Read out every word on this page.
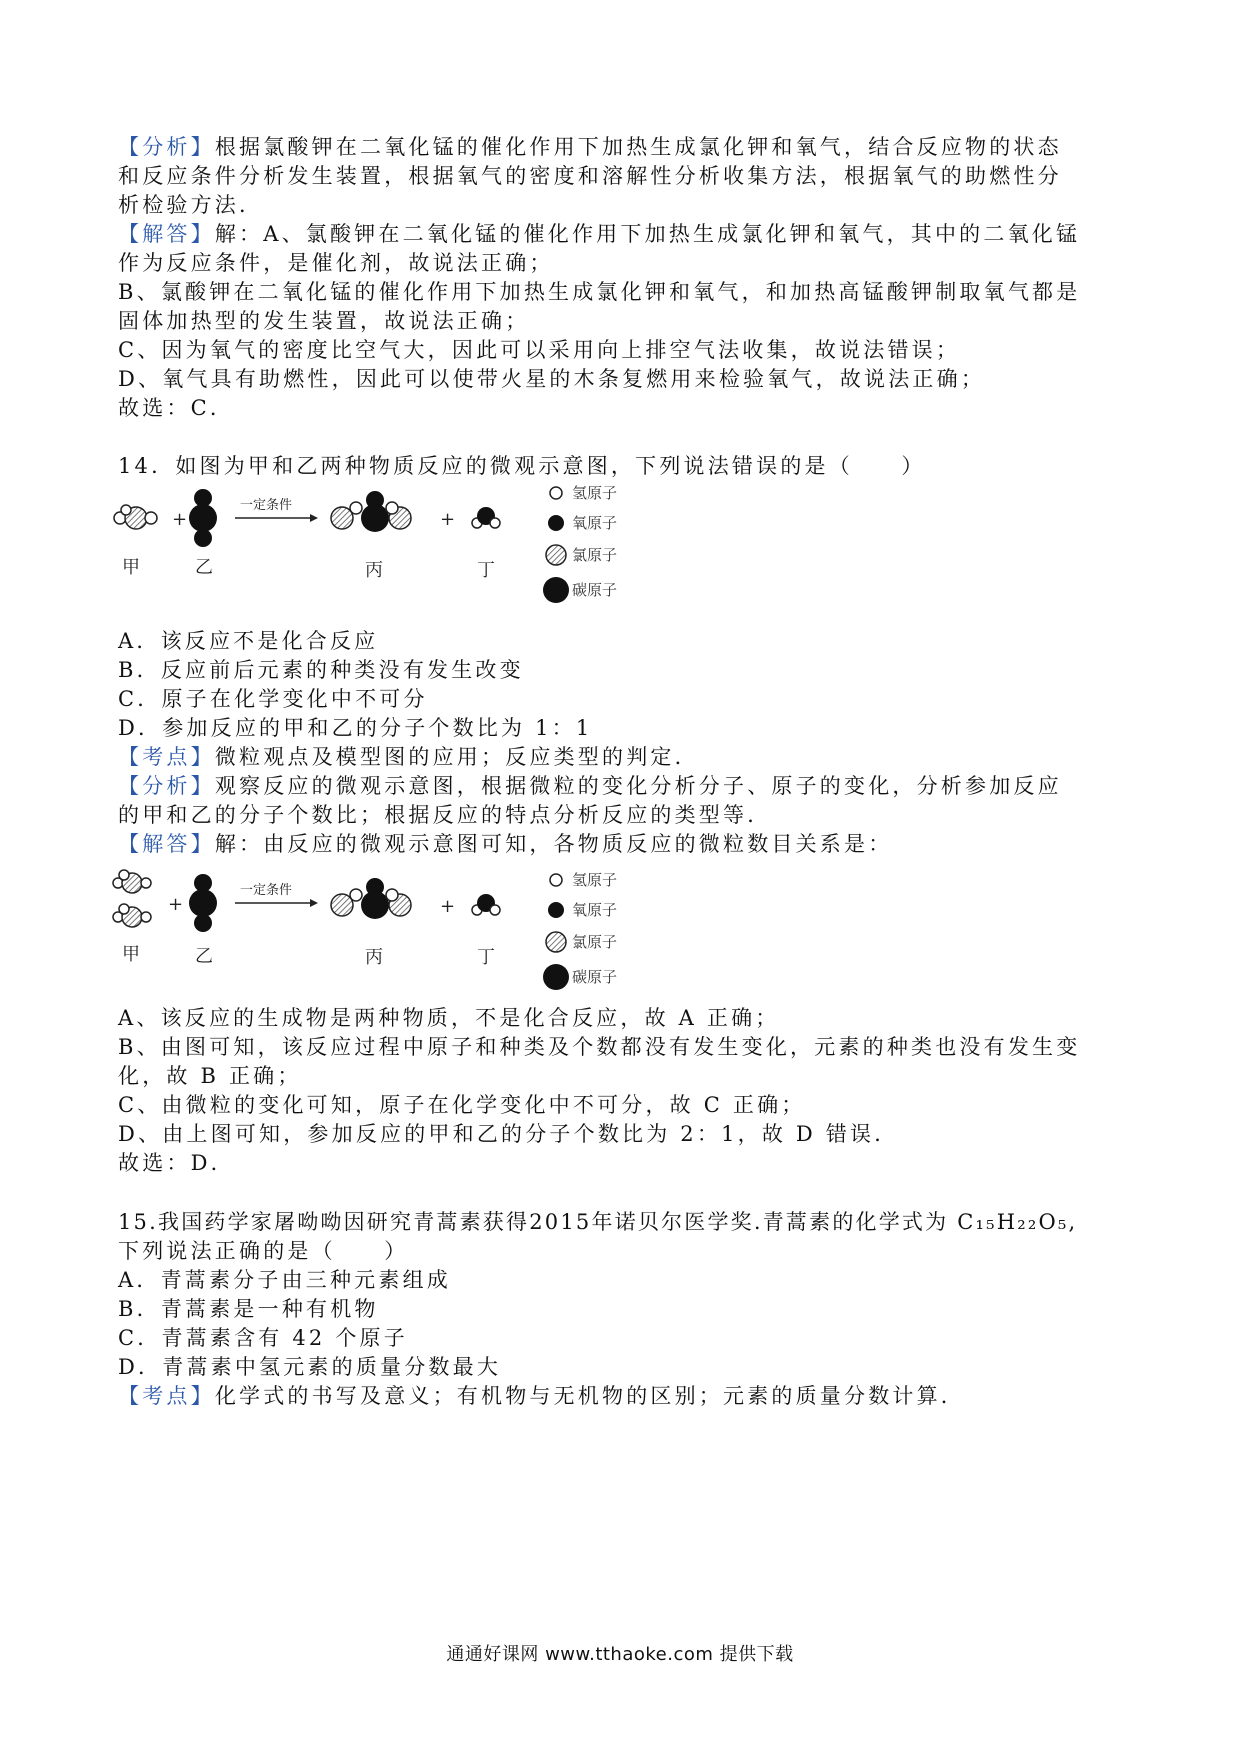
【分析】根据氯酸钾在二氧化锰的催化作用下加热生成氯化钾和氧气，结合反应物的状态
和反应条件分析发生装置，根据氧气的密度和溶解性分析收集方法，根据氧气的助燃性分
析检验方法．
【解答】解：A、氯酸钾在二氧化锰的催化作用下加热生成氯化钾和氧气，其中的二氧化锰
作为反应条件，是催化剂，故说法正确；
B、氯酸钾在二氧化锰的催化作用下加热生成氯化钾和氧气，和加热高锰酸钾制取氧气都是
固体加热型的发生装置，故说法正确；
C、因为氧气的密度比空气大，因此可以采用向上排空气法收集，故说法错误；
D、氧气具有助燃性，因此可以使带火星的木条复燃用来检验氧气，故说法正确；
故选：C．
14．如图为甲和乙两种物质反应的微观示意图，下列说法错误的是（　　）
+
一定条件
+
甲	乙	丙	丁
氢原子
氧原子
氯原子
碳原子
A．该反应不是化合反应
B．反应前后元素的种类没有发生改变
C．原子在化学变化中不可分
D．参加反应的甲和乙的分子个数比为 1：1
【考点】微粒观点及模型图的应用；反应类型的判定．
【分析】观察反应的微观示意图，根据微粒的变化分析分子、原子的变化，分析参加反应
的甲和乙的分子个数比；根据反应的特点分析反应的类型等．
【解答】解：由反应的微观示意图可知，各物质反应的微粒数目关系是：
+
一定条件
+
甲	乙	丙	丁
氢原子
氧原子
氯原子
碳原子
A、该反应的生成物是两种物质，不是化合反应，故 A 正确；
B、由图可知，该反应过程中原子和种类及个数都没有发生变化，元素的种类也没有发生变
化，故 B 正确；
C、由微粒的变化可知，原子在化学变化中不可分，故 C 正确；
D、由上图可知，参加反应的甲和乙的分子个数比为 2：1，故 D 错误．
故选：D．
15.我国药学家屠呦呦因研究青蒿素获得2015年诺贝尔医学奖.青蒿素的化学式为 C₁₅H₂₂O₅,
下列说法正确的是（　　）
A．青蒿素分子由三种元素组成
B．青蒿素是一种有机物
C．青蒿素含有 42 个原子
D．青蒿素中氢元素的质量分数最大
【考点】化学式的书写及意义；有机物与无机物的区别；元素的质量分数计算．
通通好课网 www.tthaoke.com 提供下载
